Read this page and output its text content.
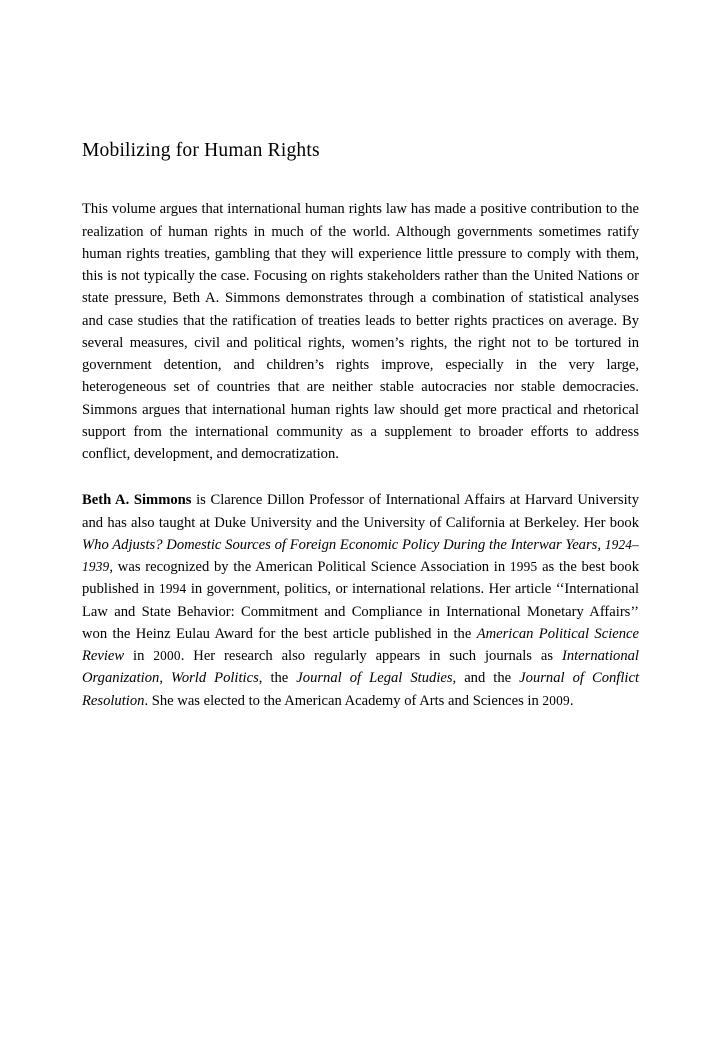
Mobilizing for Human Rights

This volume argues that international human rights law has made a positive contribution to the realization of human rights in much of the world. Although governments sometimes ratify human rights treaties, gambling that they will experience little pressure to comply with them, this is not typically the case. Focusing on rights stakeholders rather than the United Nations or state pressure, Beth A. Simmons demonstrates through a combination of statistical analyses and case studies that the ratification of treaties leads to better rights practices on average. By several measures, civil and political rights, women’s rights, the right not to be tortured in government detention, and children’s rights improve, especially in the very large, heterogeneous set of countries that are neither stable autocracies nor stable democracies. Simmons argues that international human rights law should get more practical and rhetorical support from the international community as a supplement to broader efforts to address conflict, development, and democratization.

Beth A. Simmons is Clarence Dillon Professor of International Affairs at Harvard University and has also taught at Duke University and the University of California at Berkeley. Her book Who Adjusts? Domestic Sources of Foreign Economic Policy During the Interwar Years, 1924–1939, was recognized by the American Political Science Association in 1995 as the best book published in 1994 in government, politics, or international relations. Her article ‘‘International Law and State Behavior: Commitment and Compliance in International Monetary Affairs’’ won the Heinz Eulau Award for the best article published in the American Political Science Review in 2000. Her research also regularly appears in such journals as International Organization, World Politics, the Journal of Legal Studies, and the Journal of Conflict Resolution. She was elected to the American Academy of Arts and Sciences in 2009.
